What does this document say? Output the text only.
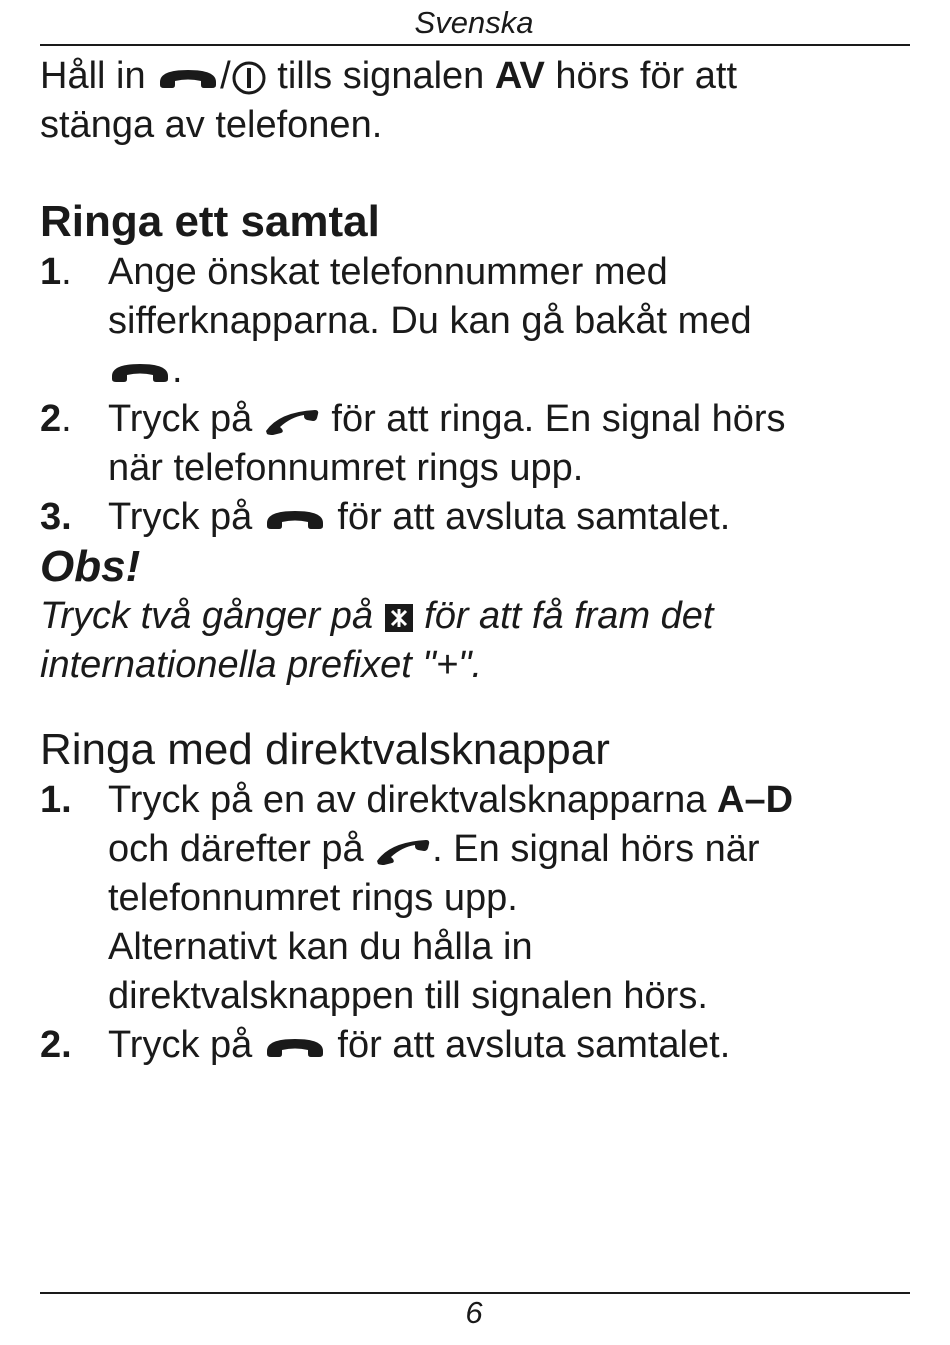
Svenska
Håll in / tills signalen AV hörs för att
stänga av telefonen.
Ringa ett samtal
1. Ange önskat telefonnummer med
sifferknapparna. Du kan gå bakåt med
.
2. Tryck på för att ringa. En signal hörs
när telefonnumret rings upp.
3. Tryck på för att avsluta samtalet.
Obs!
Tryck två gånger på för att få fram det
internationella prefixet "+".
Ringa med direktvalsknappar
1. Tryck på en av direktvalsknapparna A–D
och därefter på . En signal hörs när
telefonnumret rings upp.
Alternativt kan du hålla in
direktvalsknappen till signalen hörs.
2. Tryck på för att avsluta samtalet.
6
